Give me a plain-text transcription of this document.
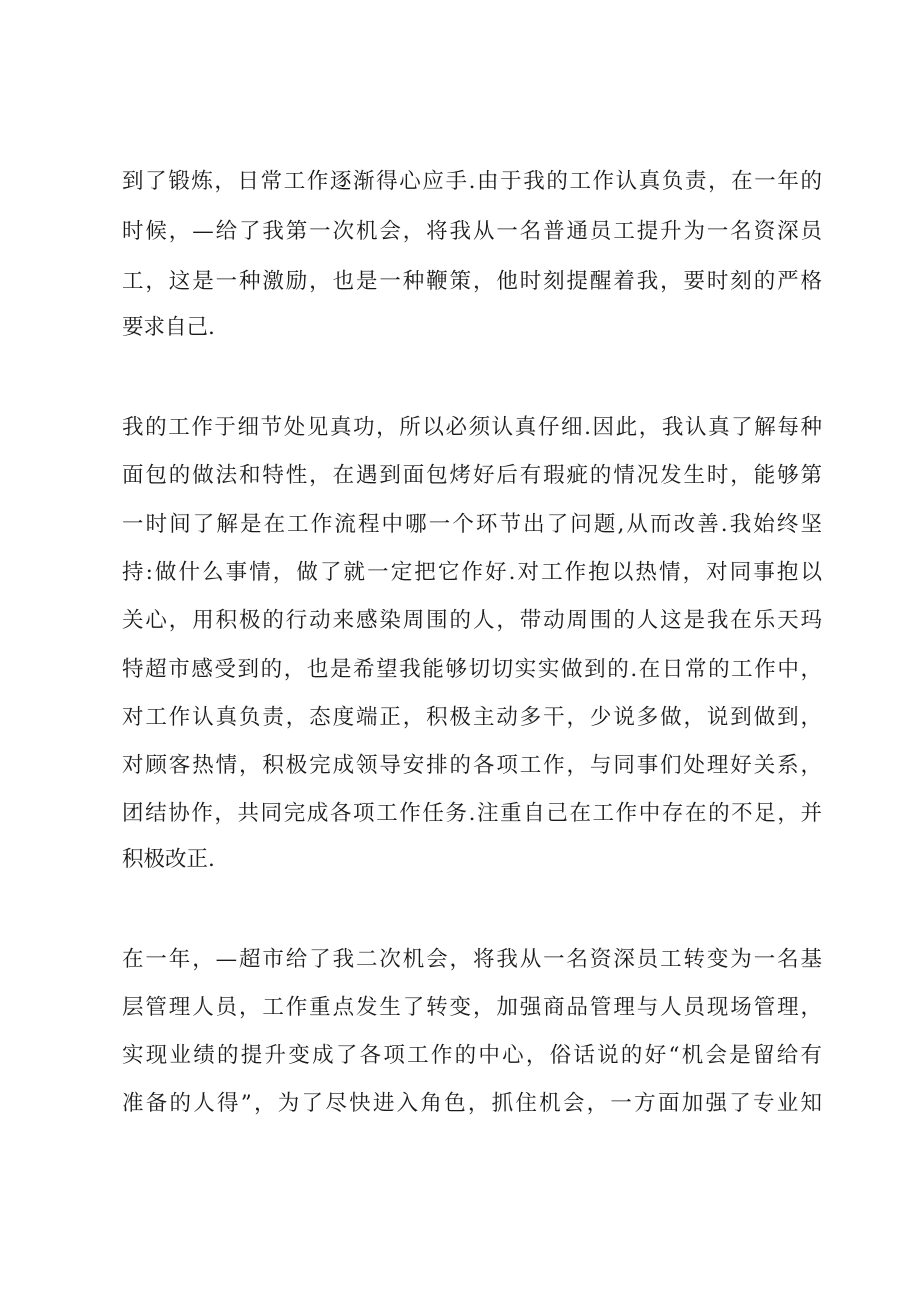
到了锻炼，日常工作逐渐得心应手.由于我的工作认真负责，在一年的
时候，—给了我第一次机会，将我从一名普通员工提升为一名资深员
工，这是一种激励，也是一种鞭策，他时刻提醒着我，要时刻的严格
要求自己.
我的工作于细节处见真功，所以必须认真仔细.因此，我认真了解每种
面包的做法和特性，在遇到面包烤好后有瑕疵的情况发生时，能够第
一时间了解是在工作流程中哪一个环节出了问题,从而改善.我始终坚
持:做什么事情，做了就一定把它作好.对工作抱以热情，对同事抱以
关心，用积极的行动来感染周围的人，带动周围的人这是我在乐天玛
特超市感受到的，也是希望我能够切切实实做到的.在日常的工作中，
对工作认真负责，态度端正，积极主动多干，少说多做，说到做到，
对顾客热情，积极完成领导安排的各项工作，与同事们处理好关系，
团结协作，共同完成各项工作任务.注重自己在工作中存在的不足，并
积极改正.
在一年，—超市给了我二次机会，将我从一名资深员工转变为一名基
层管理人员，工作重点发生了转变，加强商品管理与人员现场管理，
实现业绩的提升变成了各项工作的中心，俗话说的好“机会是留给有
准备的人得”，为了尽快进入角色，抓住机会，一方面加强了专业知
